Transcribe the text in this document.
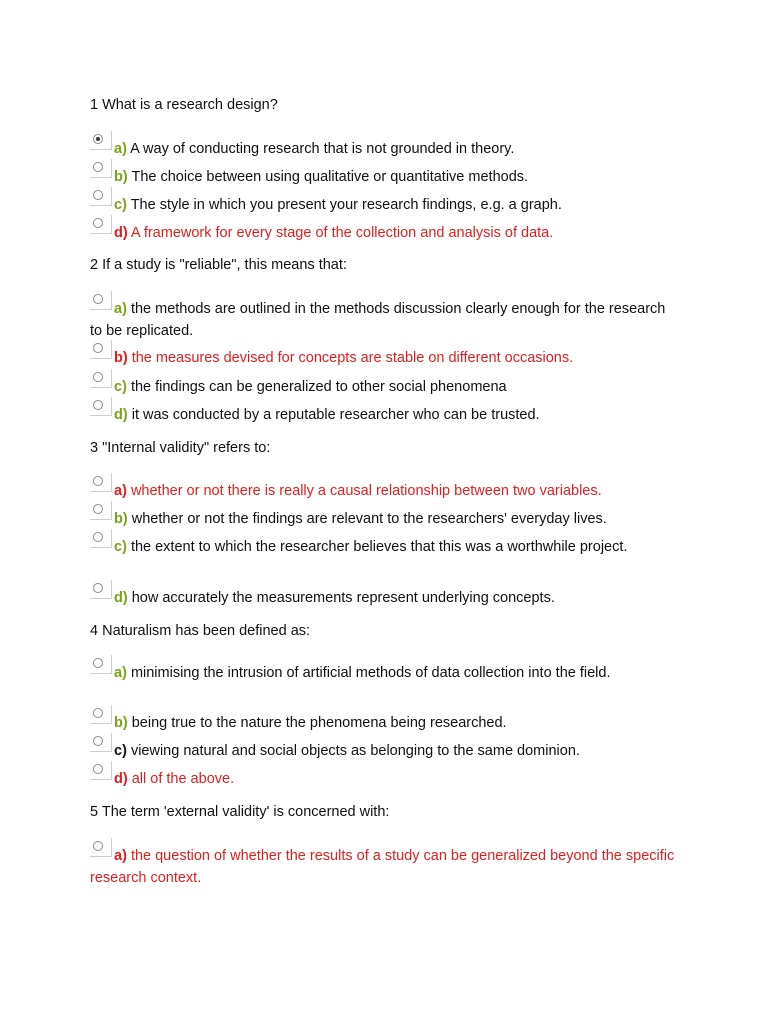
1 What is a research design?
a) A way of conducting research that is not grounded in theory.
b) The choice between using qualitative or quantitative methods.
c) The style in which you present your research findings, e.g. a graph.
d) A framework for every stage of the collection and analysis of data.
2 If a study is "reliable", this means that:
a) the methods are outlined in the methods discussion clearly enough for the research to be replicated.
b) the measures devised for concepts are stable on different occasions.
c) the findings can be generalized to other social phenomena
d) it was conducted by a reputable researcher who can be trusted.
3 "Internal validity" refers to:
a) whether or not there is really a causal relationship between two variables.
b) whether or not the findings are relevant to the researchers' everyday lives.
c) the extent to which the researcher believes that this was a worthwhile project.
d) how accurately the measurements represent underlying concepts.
4 Naturalism has been defined as:
a) minimising the intrusion of artificial methods of data collection into the field.
b) being true to the nature the phenomena being researched.
c) viewing natural and social objects as belonging to the same dominion.
d) all of the above.
5 The term 'external validity' is concerned with:
a) the question of whether the results of a study can be generalized beyond the specific research context.
